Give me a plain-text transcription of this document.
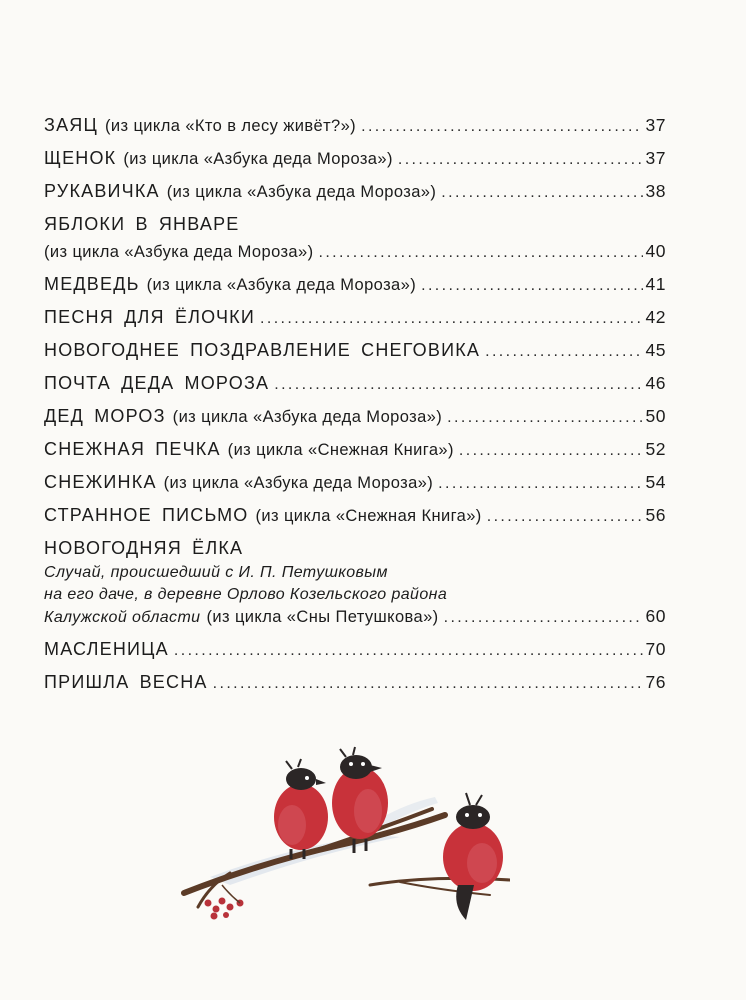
ЗАЯЦ (из цикла «Кто в лесу живёт?») .....	37
ЩЕНОК (из цикла «Азбука деда Мороза») .....	37
РУКАВИЧКА (из цикла «Азбука деда Мороза») .....	38
ЯБЛОКИ В ЯНВАРЕ
(из цикла «Азбука деда Мороза») .....	40
МЕДВЕДЬ (из цикла «Азбука деда Мороза») .....	41
ПЕСНЯ ДЛЯ ЁЛОЧКИ .....	42
НОВОГОДНЕЕ ПОЗДРАВЛЕНИЕ СНЕГОВИКА .....	45
ПОЧТА ДЕДА МОРОЗА .....	46
ДЕД МОРОЗ (из цикла «Азбука деда Мороза») .....	50
СНЕЖНАЯ ПЕЧКА (из цикла «Снежная Книга») .....	52
СНЕЖИНКА (из цикла «Азбука деда Мороза») .....	54
СТРАННОЕ ПИСЬМО (из цикла «Снежная Книга») .....	56
НОВОГОДНЯЯ ЁЛКА
Случай, происшедший с И. П. Петушковым
на его даче, в деревне Орлово Козельского района
Калужской области (из цикла «Сны Петушкова») .....	60
МАСЛЕНИЦА .....	70
ПРИШЛА ВЕСНА .....	76
